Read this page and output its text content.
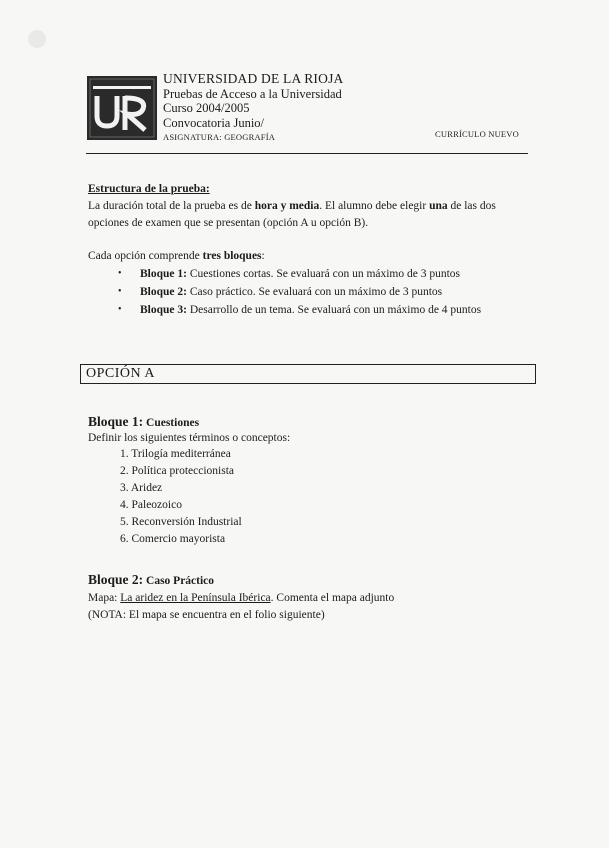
UNIVERSIDAD DE LA RIOJA
Pruebas de Acceso a la Universidad
Curso 2004/2005
Convocatoria Junio/
ASIGNATURA: GEOGRAFÍA	CURRÍCULO NUEVO
Estructura de la prueba:
La duración total de la prueba es de hora y media. El alumno debe elegir una de las dos
opciones de examen que se presentan (opción A u opción B).
Cada opción comprende tres bloques:
• Bloque 1: Cuestiones cortas. Se evaluará con un máximo de 3 puntos
• Bloque 2: Caso práctico. Se evaluará con un máximo de 3 puntos
• Bloque 3: Desarrollo de un tema. Se evaluará con un máximo de 4 puntos
OPCIÓN A
Bloque 1: Cuestiones
Definir los siguientes términos o conceptos:
1. Trilogía mediterránea
2. Política proteccionista
3. Aridez
4. Paleozoico
5. Reconversión Industrial
6. Comercio mayorista
Bloque 2: Caso Práctico
Mapa: La aridez en la Península Ibérica. Comenta el mapa adjunto
(NOTA: El mapa se encuentra en el folio siguiente)
